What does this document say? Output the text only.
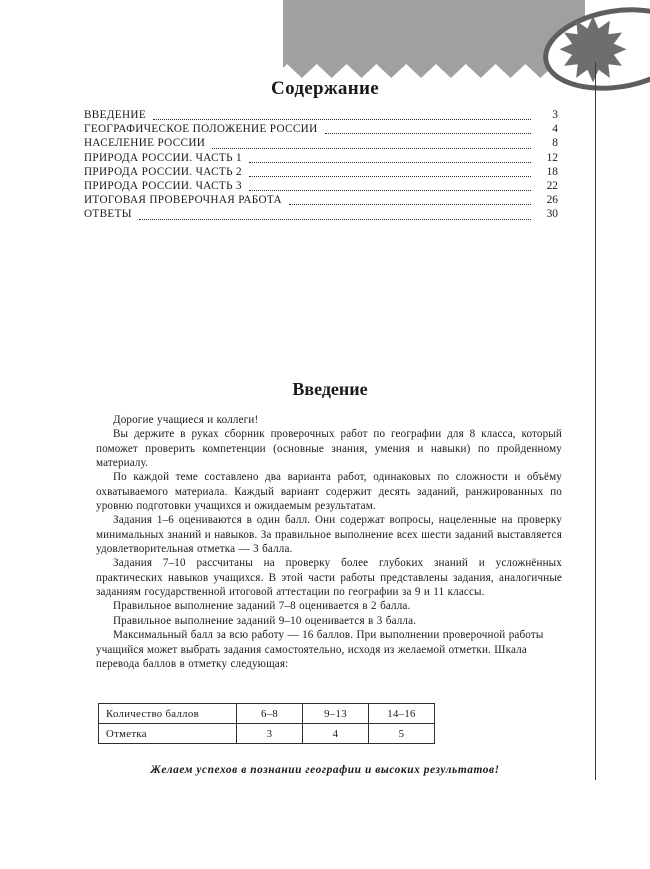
Содержание
ВВЕДЕНИЕ	3
ГЕОГРАФИЧЕСКОЕ ПОЛОЖЕНИЕ РОССИИ	4
НАСЕЛЕНИЕ РОССИИ	8
ПРИРОДА РОССИИ. ЧАСТЬ 1	12
ПРИРОДА РОССИИ. ЧАСТЬ 2	18
ПРИРОДА РОССИИ. ЧАСТЬ 3	22
ИТОГОВАЯ ПРОВЕРОЧНАЯ РАБОТА	26
ОТВЕТЫ	30
Введение

Дорогие учащиеся и коллеги!

Вы держите в руках сборник проверочных работ по географии для 8 класса, который поможет проверить компетенции (основные знания, умения и навыки) по пройденному материалу.

По каждой теме составлено два варианта работ, одинаковых по сложности и объёму охватываемого материала. Каждый вариант содержит десять заданий, ранжированных по уровню подготовки учащихся и ожидаемым результатам.

Задания 1–6 оцениваются в один балл. Они содержат вопросы, нацеленные на проверку минимальных знаний и навыков. За правильное выполнение всех шести заданий выставляется удовлетворительная отметка — 3 балла.

Задания 7–10 рассчитаны на проверку более глубоких знаний и усложнённых практических навыков учащихся. В этой части работы представлены задания, аналогичные заданиям государственной итоговой аттестации по географии за 9 и 11 классы.

Правильное выполнение заданий 7–8 оценивается в 2 балла.

Правильное выполнение заданий 9–10 оценивается в 3 балла.

Максимальный балл за всю работу — 16 баллов. При выполнении проверочной работы учащийся может выбрать задания самостоятельно, исходя из желаемой отметки. Шкала перевода баллов в отметку следующая:

Количество баллов	6–8	9–13	14–16
Отметка	3	4	5
Желаем успехов в познании географии и высоких результатов!
